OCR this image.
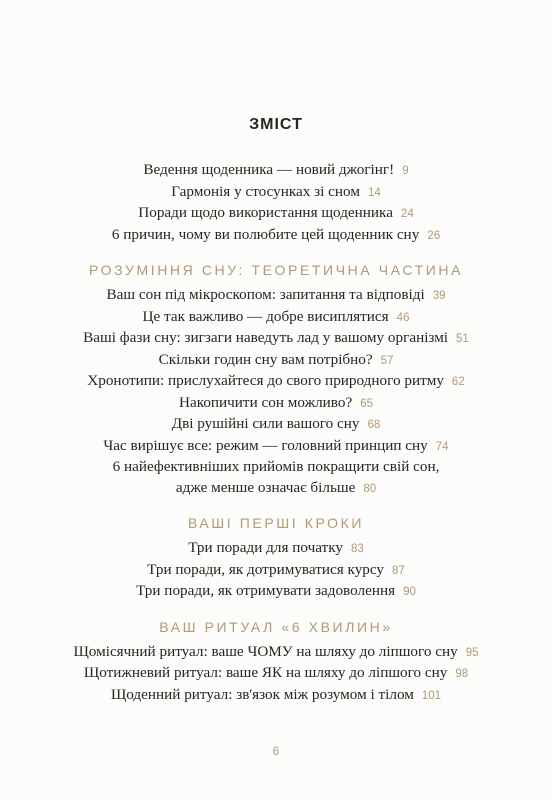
ЗМІСТ

Ведення щоденника — новий джогінг! 9

Гармонія у стосунках зі сном 14

Поради щодо використання щоденника 24

6 причин, чому ви полюбите цей щоденник сну 26

РОЗУМІННЯ СНУ: ТЕОРЕТИЧНА ЧАСТИНА

Ваш сон під мікроскопом: запитання та відповіді 39

Це так важливо — добре висиплятися 46

Ваші фази сну: зигзаги наведуть лад у вашому організмі 51

Скільки годин сну вам потрібно? 57

Хронотипи: прислухайтеся до свого природного ритму 62

Накопичити сон можливо? 65

Дві рушійні сили вашого сну 68

Час вирішує все: режим — головний принцип сну 74

6 найефективніших прийомів покращити свій сон,

адже менше означає більше 80

ВАШІ ПЕРШІ КРОКИ

Три поради для початку 83

Три поради, як дотримуватися курсу 87

Три поради, як отримувати задоволення 90

ВАШ РИТУАЛ «6 ХВИЛИН»

Щомісячний ритуал: ваше ЧОМУ на шляху до ліпшого сну 95

Щотижневий ритуал: ваше ЯК на шляху до ліпшого сну 98

Щоденний ритуал: зв'язок між розумом і тілом 101

6
